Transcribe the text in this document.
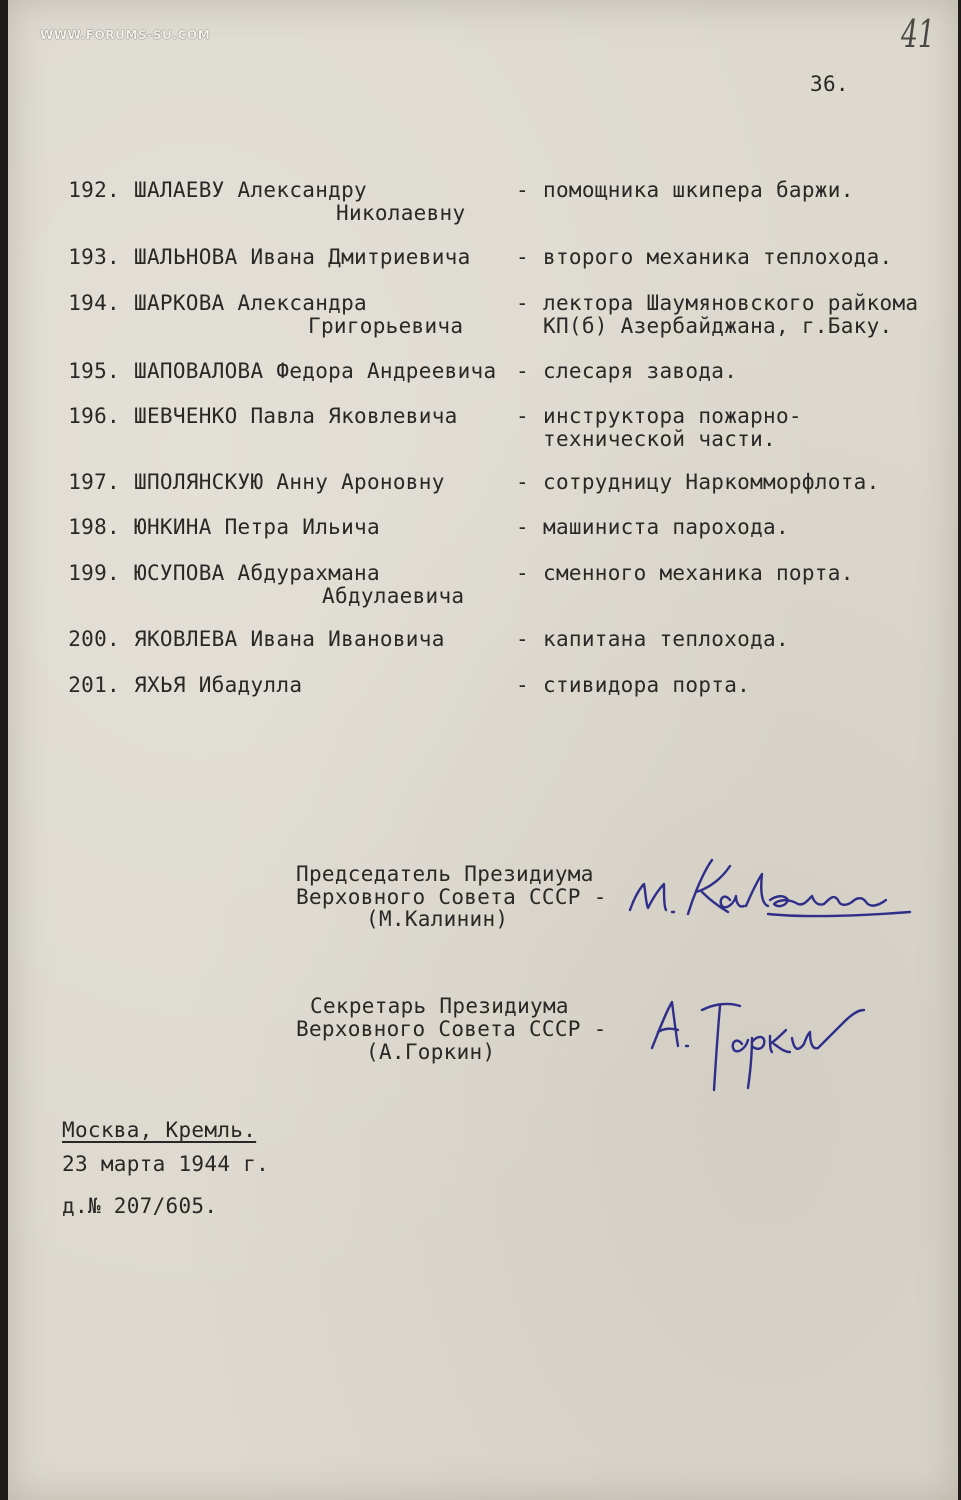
WWW.FORUMS-SU.COM	41
36.
192. ШАЛАЕВУ Александру
Николаевну
- помощника шкипера баржи.
193. ШАЛЬНОВА Ивана Дмитриевича - второго механика теплохода.
194. ШАРКОВА Александра
Григорьевича
- лектора Шаумяновского райкома
КП(б) Азербайджана, г.Баку.
195. ШАПОВАЛОВА Федора Андреевича - слесаря завода.
196. ШЕВЧЕНКО Павла Яковлевича	- инструктора пожарно-
технической части.
197. ШПОЛЯНСКУЮ Анну Ароновну	- сотрудницу Наркомморфлота.
198. ЮНКИНА Петра Ильича	- машиниста парохода.
199. ЮСУПОВА Абдурахмана
Абдулаевича
- сменного механика порта.
200. ЯКОВЛЕВА Ивана Ивановича	- капитана теплохода.
201. ЯХЬЯ Ибадулла	- стивидора порта.
Председатель Президиума
Верховного Совета СССР -
(М.Калинин)
Секретарь Президиума
Верховного Совета СССР -
(А.Горкин)
Москва, Кремль.
23 марта 1944 г.
д.№ 207/605.
